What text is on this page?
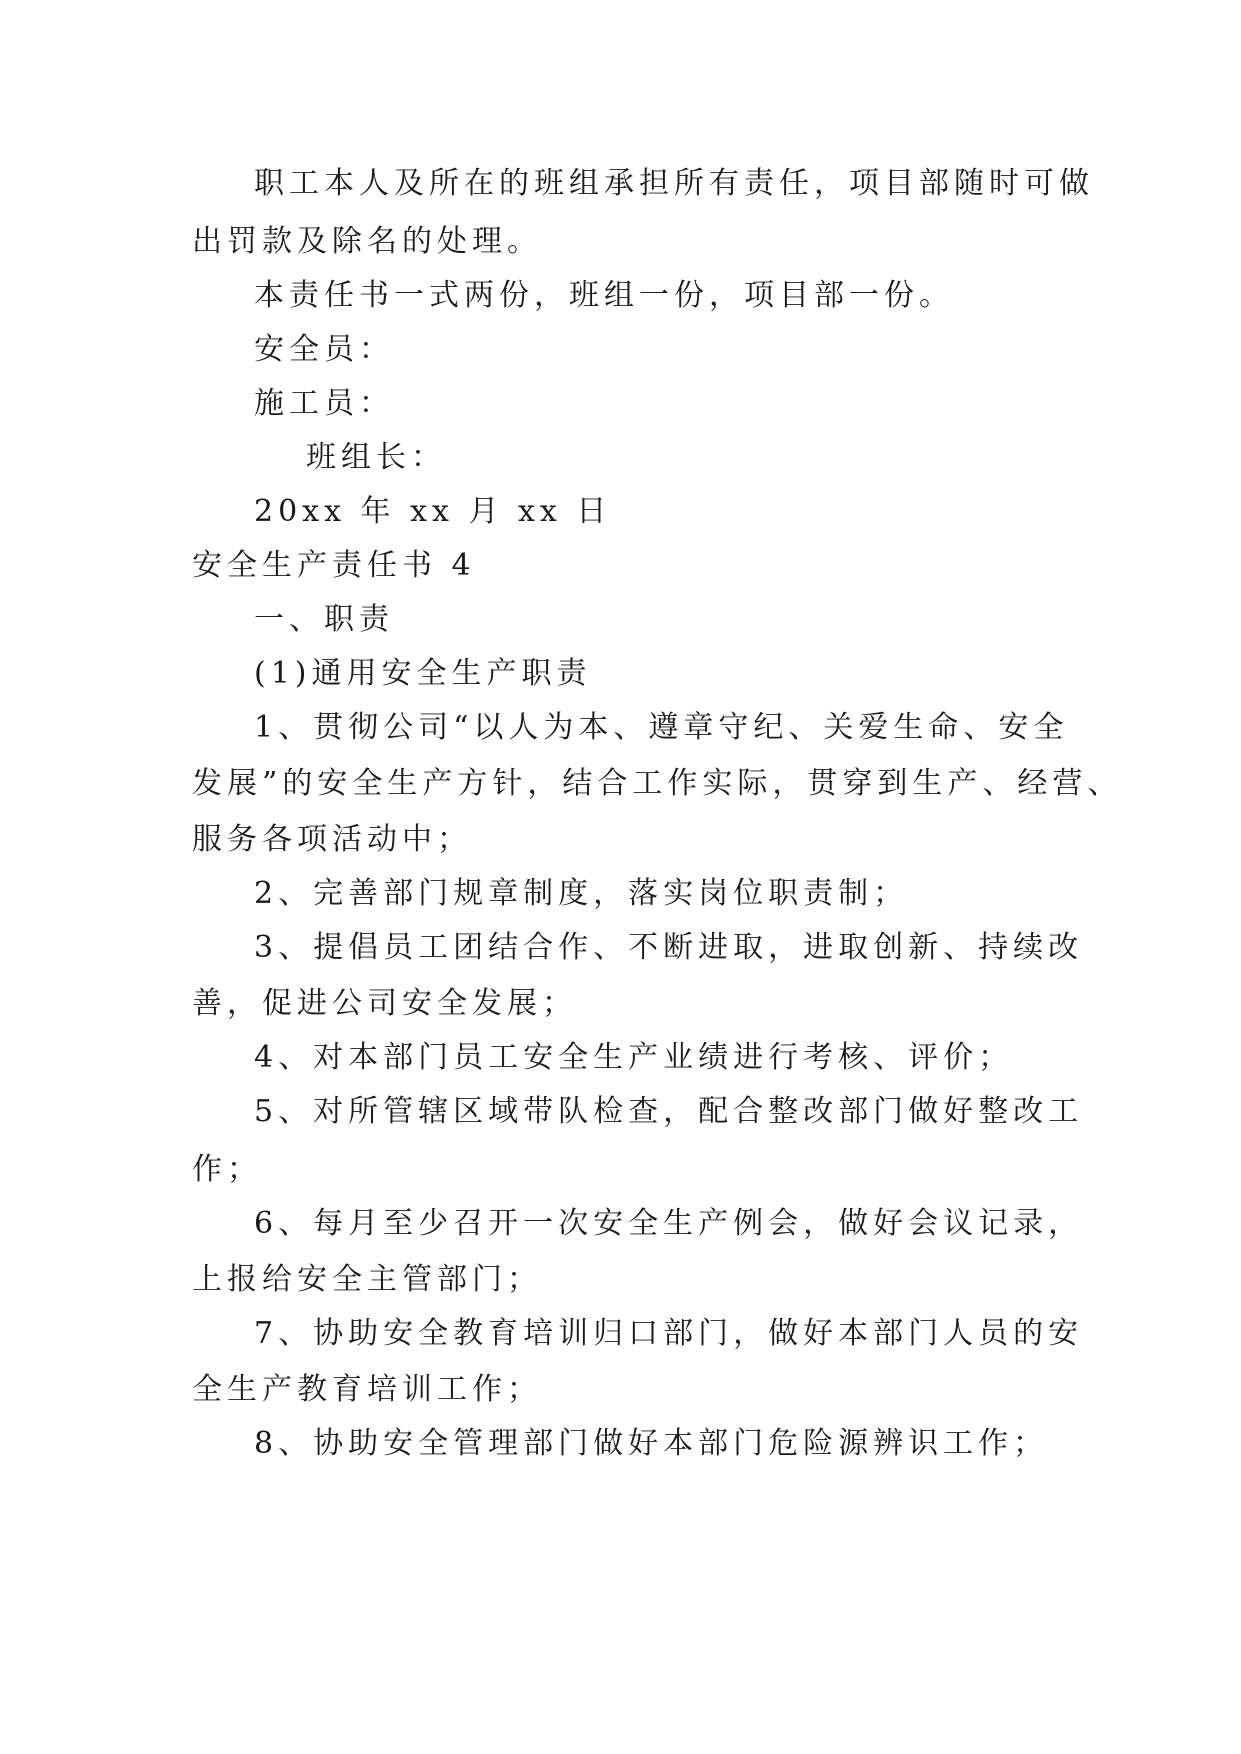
职工本人及所在的班组承担所有责任，项目部随时可做

出罚款及除名的处理。

本责任书一式两份，班组一份，项目部一份。

安全员：

施工员：

班组长：

20xx 年 xx 月 xx 日

安全生产责任书 4

一、职责

(1)通用安全生产职责

1、贯彻公司“以人为本、遵章守纪、关爱生命、安全

发展”的安全生产方针，结合工作实际，贯穿到生产、经营、

服务各项活动中；

2、完善部门规章制度，落实岗位职责制；

3、提倡员工团结合作、不断进取，进取创新、持续改

善，促进公司安全发展；

4、对本部门员工安全生产业绩进行考核、评价；

5、对所管辖区域带队检查，配合整改部门做好整改工

作；

6、每月至少召开一次安全生产例会，做好会议记录，

上报给安全主管部门；

7、协助安全教育培训归口部门，做好本部门人员的安

全生产教育培训工作；

8、协助安全管理部门做好本部门危险源辨识工作；
